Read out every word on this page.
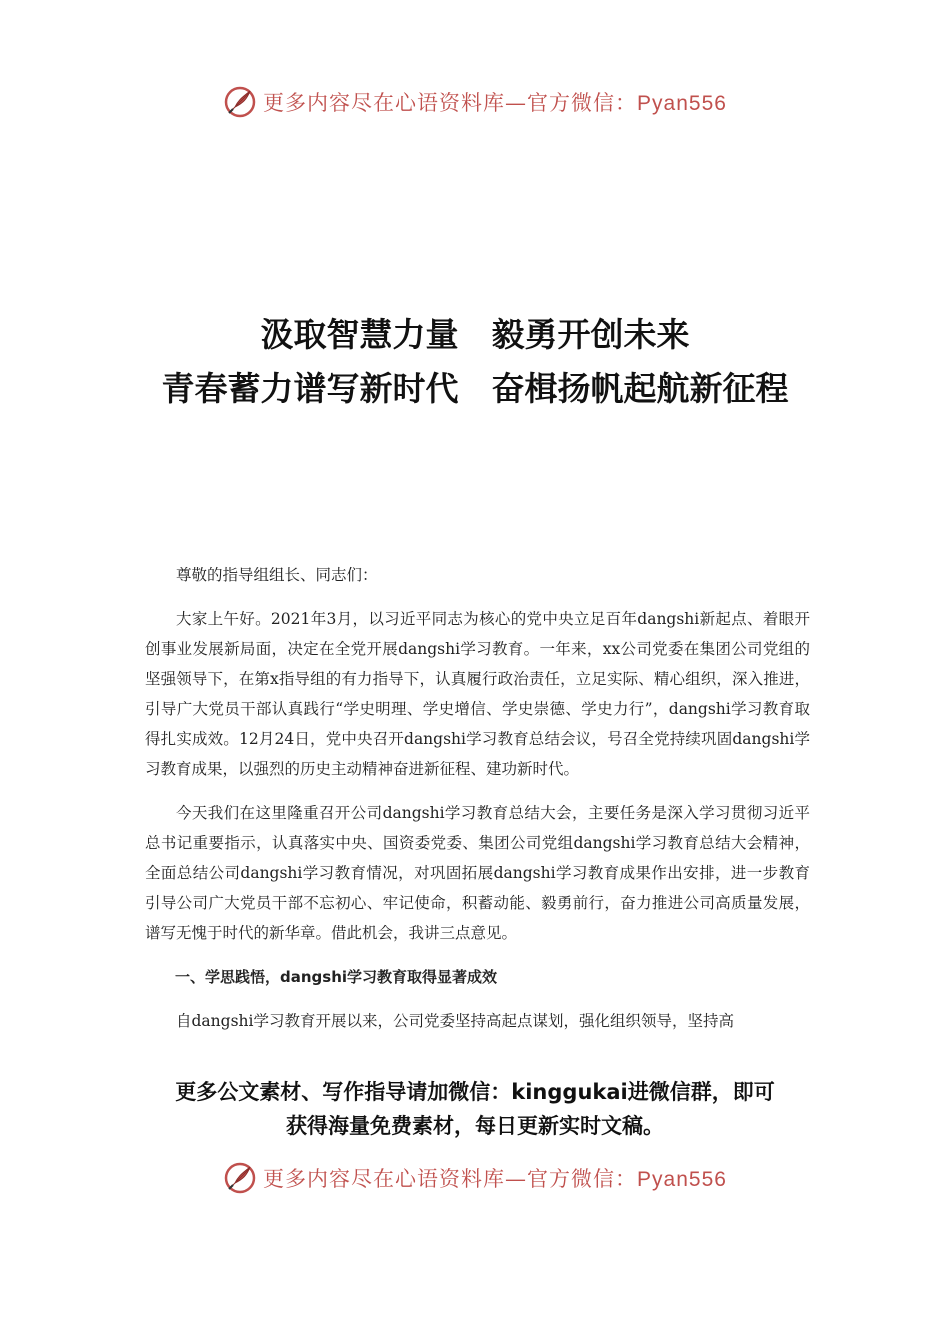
更多内容尽在心语资料库—官方微信：Pyan556
汲取智慧力量　毅勇开创未来
青春蓄力谱写新时代　奋楫扬帆起航新征程

尊敬的指导组组长、同志们：

大家上午好。2021年3月，以习近平同志为核心的党中央立足百年dangshi新起点、着眼开创事业发展新局面，决定在全党开展dangshi学习教育。一年来，xx公司党委在集团公司党组的坚强领导下，在第x指导组的有力指导下，认真履行政治责任，立足实际、精心组织，深入推进，引导广大党员干部认真践行“学史明理、学史增信、学史崇德、学史力行”，dangshi学习教育取得扎实成效。12月24日，党中央召开dangshi学习教育总结会议，号召全党持续巩固dangshi学习教育成果，以强烈的历史主动精神奋进新征程、建功新时代。

今天我们在这里隆重召开公司dangshi学习教育总结大会，主要任务是深入学习贯彻习近平总书记重要指示，认真落实中央、国资委党委、集团公司党组dangshi学习教育总结大会精神，全面总结公司dangshi学习教育情况，对巩固拓展dangshi学习教育成果作出安排，进一步教育引导公司广大党员干部不忘初心、牢记使命，积蓄动能、毅勇前行，奋力推进公司高质量发展，谱写无愧于时代的新华章。借此机会，我讲三点意见。

一、学思践悟，dangshi学习教育取得显著成效

自dangshi学习教育开展以来，公司党委坚持高起点谋划，强化组织领导，坚持高

更多公文素材、写作指导请加微信：kinggukai进微信群，即可
获得海量免费素材，每日更新实时文稿。
更多内容尽在心语资料库—官方微信：Pyan556
